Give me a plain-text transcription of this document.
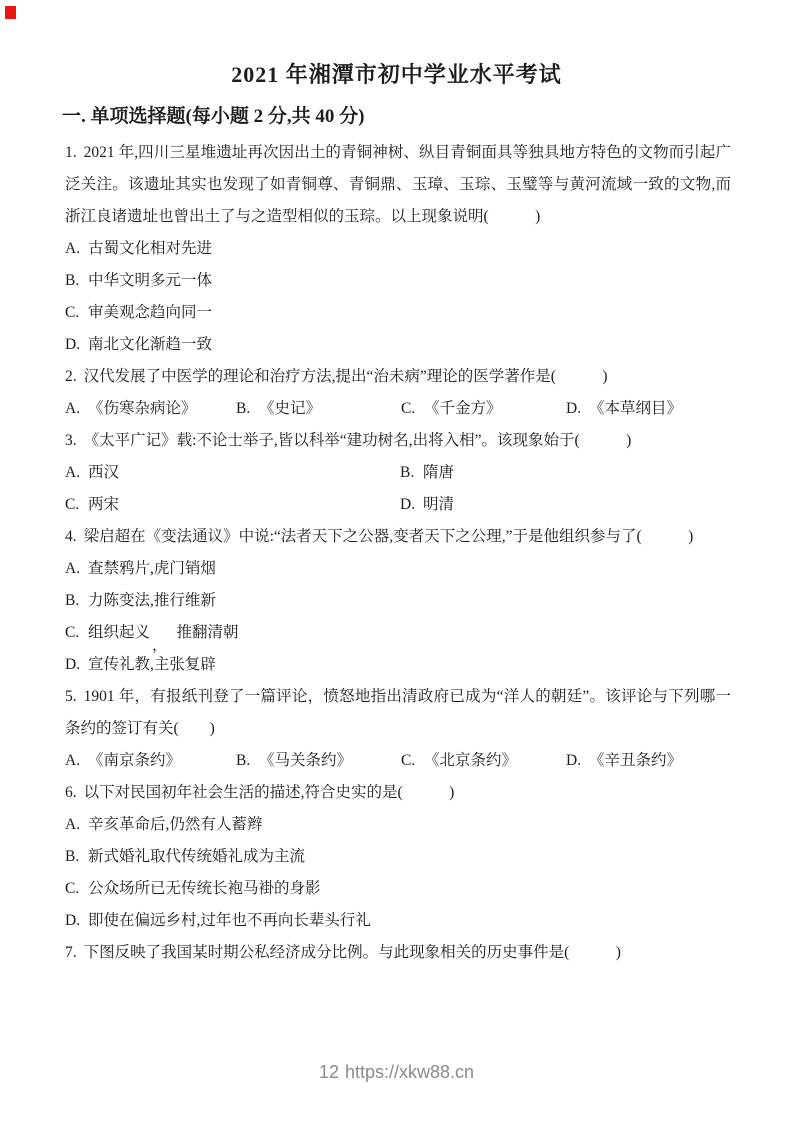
2021 年湘潭市初中学业水平考试
一. 单项选择题(每小题 2 分,共 40 分)

1. 2021 年,四川三星堆遗址再次因出土的青铜神树、纵目青铜面具等独具地方特色的文物而引起广泛关注。该遗址其实也发现了如青铜尊、青铜鼎、玉璋、玉琮、玉璧等与黄河流域一致的文物,而浙江良诸遗址也曾出土了与之造型相似的玉琮。以上现象说明(　　　)

A. 古蜀文化相对先进

B. 中华文明多元一体

C. 审美观念趋向同一

D. 南北文化渐趋一致

2. 汉代发展了中医学的理论和治疗方法,提出“治未病”理论的医学著作是(　　　)

A. 《伤寒杂病论》	B. 《史记》	C. 《千金方》	D. 《本草纲目》

3. 《太平广记》载:不论士举子,皆以科举“建功树名,出将入相”。该现象始于(　　　)

A. 西汉	B. 隋唐

C. 两宋	D. 明清

4. 梁启超在《变法通议》中说:“法者天下之公器,变者天下之公理,”于是他组织参与了(　　　)

A. 查禁鸦片,虎门销烟

B. 力陈变法,推行维新

C. 组织起义，推翻清朝

D. 宣传礼教,主张复辟

5. 1901 年，有报纸刊登了一篇评论，愤怒地指出清政府已成为“洋人的朝廷”。该评论与下列哪一条约的签订有关(　　)

A. 《南京条约》	B. 《马关条约》	C. 《北京条约》	D. 《辛丑条约》

6. 以下对民国初年社会生活的描述,符合史实的是(　　　)

A. 辛亥革命后,仍然有人蓄辫

B. 新式婚礼取代传统婚礼成为主流

C. 公众场所已无传统长袍马褂的身影

D. 即使在偏远乡村,过年也不再向长辈头行礼

7. 下图反映了我国某时期公私经济成分比例。与此现象相关的历史事件是(　　　)

12 https://xkw88.cn
